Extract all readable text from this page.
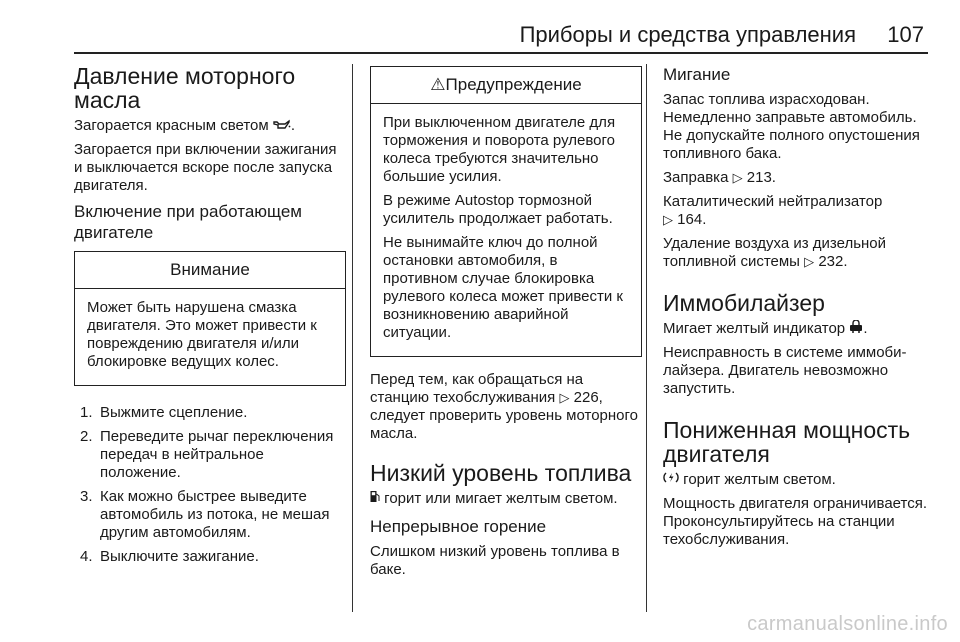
Приборы и средства управления 107
Давление моторного масла

Загорается красным светом .

Загорается при включении зажигания и выключается вскоре после запуска двигателя.

Включение при работающем двигателе
Внимание

Может быть нарушена смазка двигателя. Это может привести к повреждению двигателя и/или блокировке ведущих колес.

1. Выжмите сцепление.
2. Переведите рычаг переключения передач в нейтральное положение.
3. Как можно быстрее выведите автомобиль из потока, не мешая другим автомобилям.
4. Выключите зажигание.
⚠Предупреждение

При выключенном двигателе для торможения и поворота рулевого колеса требуются значительно большие усилия.

В режиме Autostop тормозной усилитель продолжает работать.

Не вынимайте ключ до полной остановки автомобиля, в противном случае блокировка рулевого колеса может привести к возникновению аварийной ситуации.

Перед тем, как обращаться на станцию техобслуживания ▷ 226, следует проверить уровень моторного масла.

Низкий уровень топлива

горит или мигает желтым светом.

Непрерывное горение

Слишком низкий уровень топлива в баке.

Мигание

Запас топлива израсходован. Немедленно заправьте автомобиль. Не допускайте полного опустошения топливного бака.

Заправка ▷ 213.

Каталитический нейтрализатор
▷ 164.

Удаление воздуха из дизельной топливной системы ▷ 232.

Иммобилайзер

Мигает желтый индикатор .

Неисправность в системе иммобилайзера. Двигатель невозможно запустить.

Пониженная мощность двигателя

горит желтым светом.

Мощность двигателя ограничивается. Проконсультируйтесь на станции техобслуживания.

carmanualsonline.info
